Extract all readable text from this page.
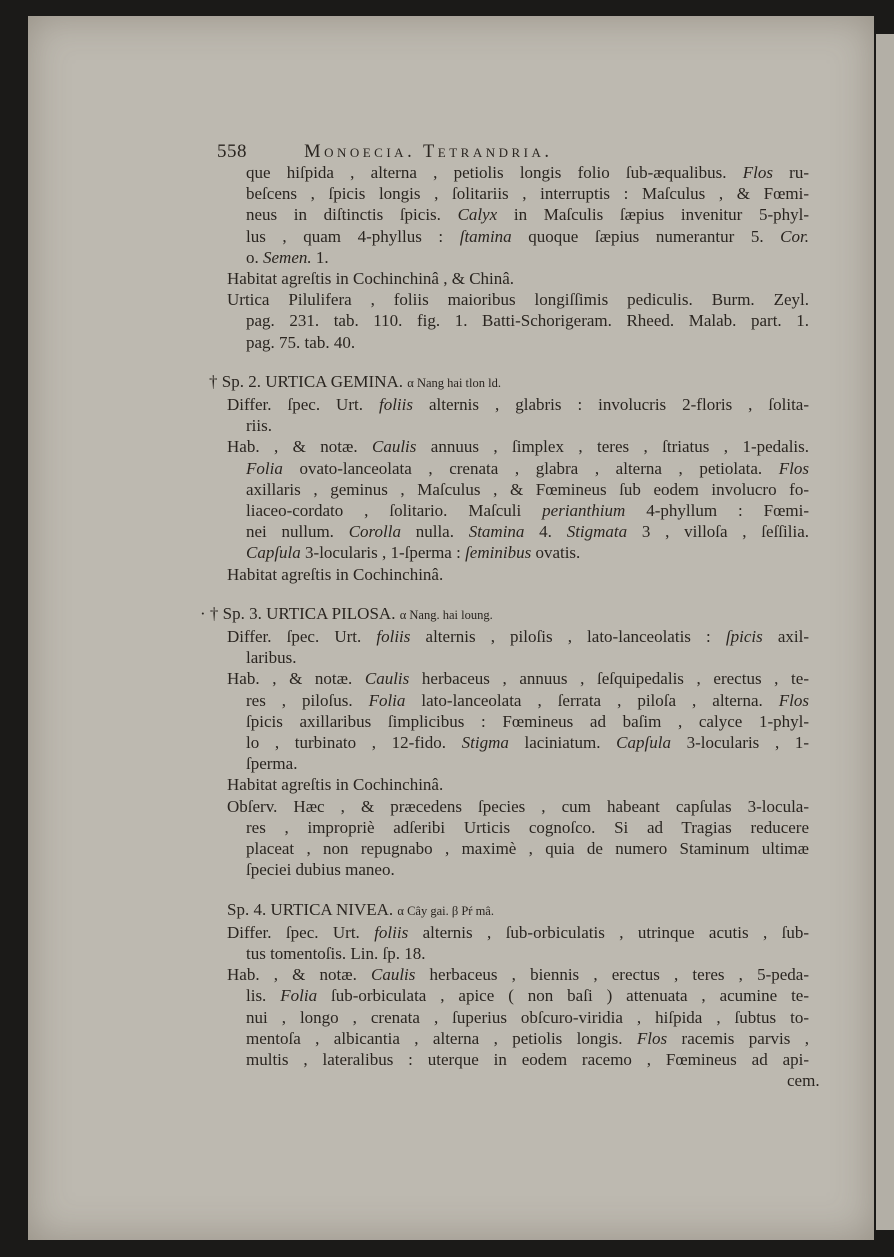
558	Monoecia. Tetrandria.
que hiſpida , alterna , petiolis longis folio ſub-æqualibus. Flos ru-
beſcens , ſpicis longis , ſolitariis , interruptis : Maſculus , & Fœmi-
neus in diſtinctis ſpicis. Calyx in Maſculis ſæpius invenitur 5-phyl-
lus , quam 4-phyllus : ſtamina quoque ſæpius numerantur 5. Cor.
o. Semen. 1.
Habitat agreſtis in Cochinchinâ , & Chinâ.
Urtica Pilulifera , foliis maioribus longiſſimis pediculis. Burm. Zeyl.
pag. 231. tab. 110. fig. 1. Batti-Schorigeram. Rheed. Malab. part. 1.
pag. 75. tab. 40.
† Sp. 2. URTICA GEMINA. α Nang hai tlon ld.
Differ. ſpec. Urt. foliis alternis , glabris : involucris 2-floris , ſolita-
riis.
Hab. , & notæ. Caulis annuus , ſimplex , teres , ſtriatus , 1-pedalis.
Folia ovato-lanceolata , crenata , glabra , alterna , petiolata. Flos
axillaris , geminus , Maſculus , & Fœmineus ſub eodem involucro fo-
liaceo-cordato , ſolitario. Maſculi perianthium 4-phyllum : Fœmi-
nei nullum. Corolla nulla. Stamina 4. Stigmata 3 , villoſa , ſeſſilia.
Capſula 3-locularis , 1-ſperma : ſeminibus ovatis.
Habitat agreſtis in Cochinchinâ.
· † Sp. 3. URTICA PILOSA. α Nang. hai loung.
Differ. ſpec. Urt. foliis alternis , piloſis , lato-lanceolatis : ſpicis axil-
laribus.
Hab. , & notæ. Caulis herbaceus , annuus , ſeſquipedalis , erectus , te-
res , piloſus. Folia lato-lanceolata , ſerrata , piloſa , alterna. Flos
ſpicis axillaribus ſimplicibus : Fœmineus ad baſim , calyce 1-phyl-
lo , turbinato , 12-fido. Stigma laciniatum. Capſula 3-locularis , 1-
ſperma.
Habitat agreſtis in Cochinchinâ.
Obſerv. Hæc , & præcedens ſpecies , cum habeant capſulas 3-locula-
res , impropriè adſeribi Urticis cognoſco. Si ad Tragias reducere
placeat , non repugnabo , maximè , quia de numero Staminum ultimæ
ſpeciei dubius maneo.
Sp. 4. URTICA NIVEA. α Cây gai. β Pŕ mâ.
Differ. ſpec. Urt. foliis alternis , ſub-orbiculatis , utrinque acutis , ſub-
tus tomentoſis. Lin. ſp. 18.
Hab. , & notæ. Caulis herbaceus , biennis , erectus , teres , 5-peda-
lis. Folia ſub-orbiculata , apice ( non baſi ) attenuata , acumine te-
nui , longo , crenata , ſuperius obſcuro-viridia , hiſpida , ſubtus to-
mentoſa , albicantia , alterna , petiolis longis. Flos racemis parvis ,
multis , lateralibus : uterque in eodem racemo , Fœmineus ad api-
cem.
